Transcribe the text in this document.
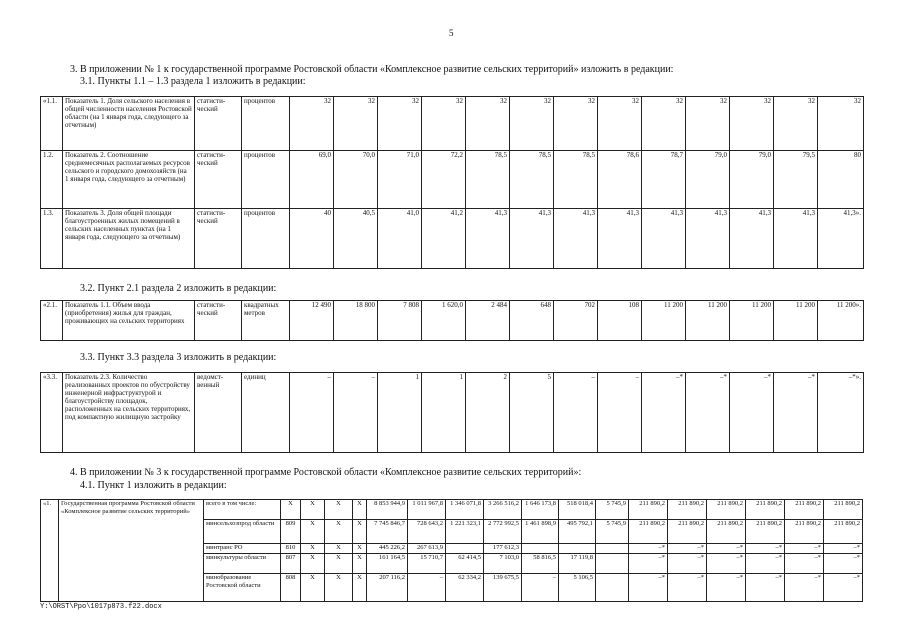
5
3. В приложении № 1 к государственной программе Ростовской области «Комплексное развитие сельских территорий» изложить в редакции:
3.1. Пункты 1.1 – 1.3 раздела 1 изложить в редакции:
«1.1.	Показатель 1. Доля сельского населения в общей численности населения Ростовской области (на 1 января года, следующего за отчетным)	статисти-ческий	процентов	32	32	32	32	32	32	32	32	32	32	32	32	32
1.2.	Показатель 2. Соотношение среднемесячных располагаемых ресурсов сельского и городского домохозяйств (на 1 января года, следующего за отчетным)	статисти-ческий	процентов	69,0	70,0	71,0	72,2	78,5	78,5	78,5	78,6	78,7	79,0	79,0	79,5	80
1.3.	Показатель 3. Доля общей площади благоустроенных жилых помещений в сельских населенных пунктах (на 1 января года, следующего за отчетным)	статисти-ческий	процентов	40	40,5	41,0	41,2	41,3	41,3	41,3	41,3	41,3	41,3	41,3	41,3	41,3».
3.2. Пункт 2.1 раздела 2 изложить в редакции:
«2.1.	Показатель 1.1. Объем ввода (приобретения) жилья для граждан, проживающих на сельских территориях	статисти-ческий	квадратных метров	12 490	18 800	7 808	1 620,0	2 484	648	702	108	11 200	11 200	11 200	11 200	11 200».
3.3. Пункт 3.3 раздела 3 изложить в редакции:
«3.3.	Показатель 2.3. Количество реализованных проектов по обустройству инженерной инфраструктурой и благоустройству площадок, расположенных на сельских территориях, под компактную жилищную застройку	ведомст-венный	единиц	–	–	1	1	2	5	–	–	–*	–*	–*	–*	–*».
4. В приложении № 3 к государственной программе Ростовской области «Комплексное развитие сельских территорий»:
4.1. Пункт 1 изложить в редакции:
«1.	Государственная программа Ростовской области «Комплексное развитие сельских территорий»	всего в том числе:	X	X	X	X	8 853 944,9	1 011 967,8	1 346 071,8	3 266 516,2	1 646 173,8	518 018,4	5 745,9	211 890,2	211 890,2	211 890,2	211 890,2	211 890,2	211 890,2
		минсельхозпрод области	809	X	X	X	7 745 846,7	728 643,2	1 221 323,1	2 772 992,5	1 461 898,9	495 792,1	5 745,9	211 890,2	211 890,2	211 890,2	211 890,2	211 890,2	211 890,2
		минтранс РО	810	X	X	X	445 226,2	267 613,9		177 612,3				–*	–*	–*	–*	–*	–*
		минкультуры области	807	X	X	X	161 164,5	15 710,7	62 414,5	7 103,0	58 816,5	17 119,8		–*	–*	–*	–*	–*	–*
		минобразование Ростовской области	808	X	X	X	207 116,2	–	62 334,2	139 675,5	–	5 106,5		–*	–*	–*	–*	–*	–*
Y:\ORST\Ppo\1017p873.f22.docx
